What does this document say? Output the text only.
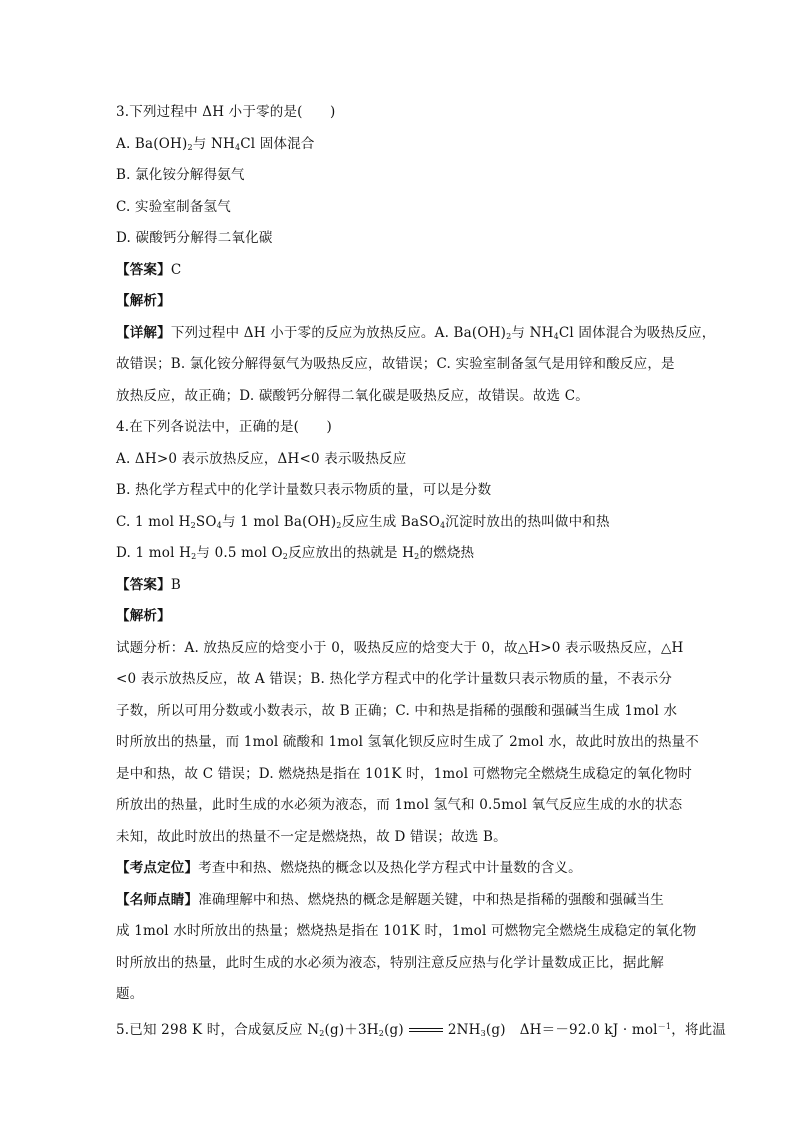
3.下列过程中 ΔH 小于零的是(　　)
A. $Ba(OH)_2$与 $NH_4Cl$ 固体混合
B. 氯化铵分解得氨气
C. 实验室制备氢气
D. 碳酸钙分解得二氧化碳
【答案】C
【解析】
【详解】下列过程中 ΔH 小于零的反应为放热反应。A. $Ba(OH)_2$与 $NH_4Cl$ 固体混合为吸热反应，
故错误；B. 氯化铵分解得氨气为吸热反应，故错误；C. 实验室制备氢气是用锌和酸反应，是
放热反应，故正确；D. 碳酸钙分解得二氧化碳是吸热反应，故错误。故选 C。
4.在下列各说法中，正确的是(　　)
A. ΔH>0 表示放热反应，ΔH<0 表示吸热反应
B. 热化学方程式中的化学计量数只表示物质的量，可以是分数
C. 1 mol $H_2SO_4$与 1 mol $Ba(OH)_2$反应生成 BaSO$_4$沉淀时放出的热叫做中和热
D. 1 mol $H_2$与 0.5 mol $O_2$反应放出的热就是 $H_2$的燃烧热
【答案】B
【解析】
试题分析：A. 放热反应的焓变小于 0，吸热反应的焓变大于 0，故△H>0 表示吸热反应，△H
<0 表示放热反应，故 A 错误；B. 热化学方程式中的化学计量数只表示物质的量，不表示分
子数，所以可用分数或小数表示，故 B 正确；C. 中和热是指稀的强酸和强碱当生成 1mol 水
时所放出的热量，而 1mol 硫酸和 1mol 氢氧化钡反应时生成了 2mol 水，故此时放出的热量不
是中和热，故 C 错误；D. 燃烧热是指在 101K 时，1mol 可燃物完全燃烧生成稳定的氧化物时
所放出的热量，此时生成的水必须为液态，而 1mol 氢气和 0.5mol 氧气反应生成的水的状态
未知，故此时放出的热量不一定是燃烧热，故 D 错误；故选 B。
【考点定位】考查中和热、燃烧热的概念以及热化学方程式中计量数的含义。
【名师点睛】准确理解中和热、燃烧热的概念是解题关键，中和热是指稀的强酸和强碱当生
成 1mol 水时所放出的热量；燃烧热是指在 101K 时，1mol 可燃物完全燃烧生成稳定的氧化物
时所放出的热量，此时生成的水必须为液态，特别注意反应热与化学计量数成正比，据此解
题。
5.已知 298 K 时，合成氨反应 $N_2(g)+3H_2(g)$	$2NH_3(g)$ ΔH＝－92.0 kJ · mol$^{-1}$，将此温
